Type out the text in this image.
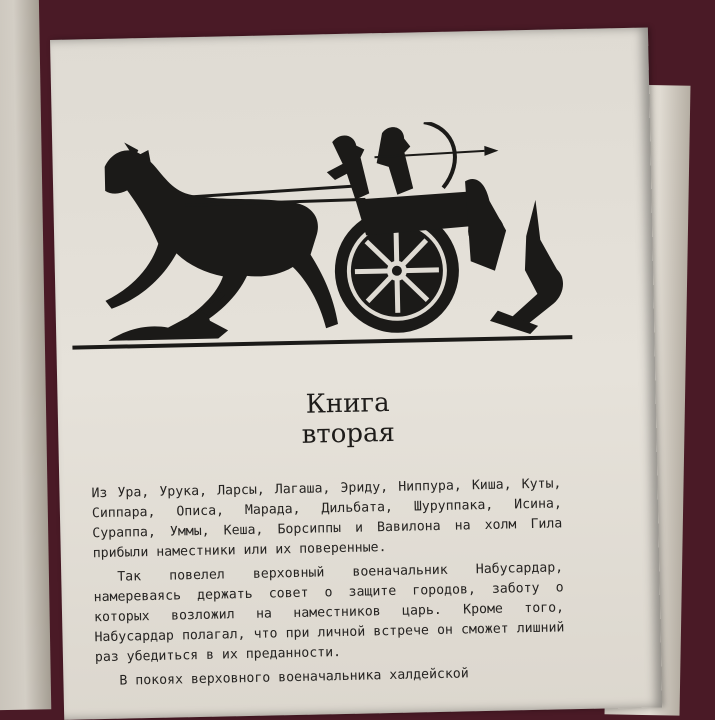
Книга
вторая

Из Ура, Урука, Ларсы, Лагаша, Эриду, Ниппура, Киша, Куты, Сиппара, Описа, Марада, Дильбата, Шуруппака, Исина, Сураппа, Уммы, Кеша, Борсиппы и Вавилона на холм Гила прибыли наместники или их повеpенные.

Так повелел верховный военачальник Набусардар, намереваясь держать совет о защите городов, заботу о которых возложил на наместников царь. Кроме того, Набусардар полагал, что при личной встрече он сможет лишний раз убедиться в их преданности.

В покоях верховного военачальника халдейской
